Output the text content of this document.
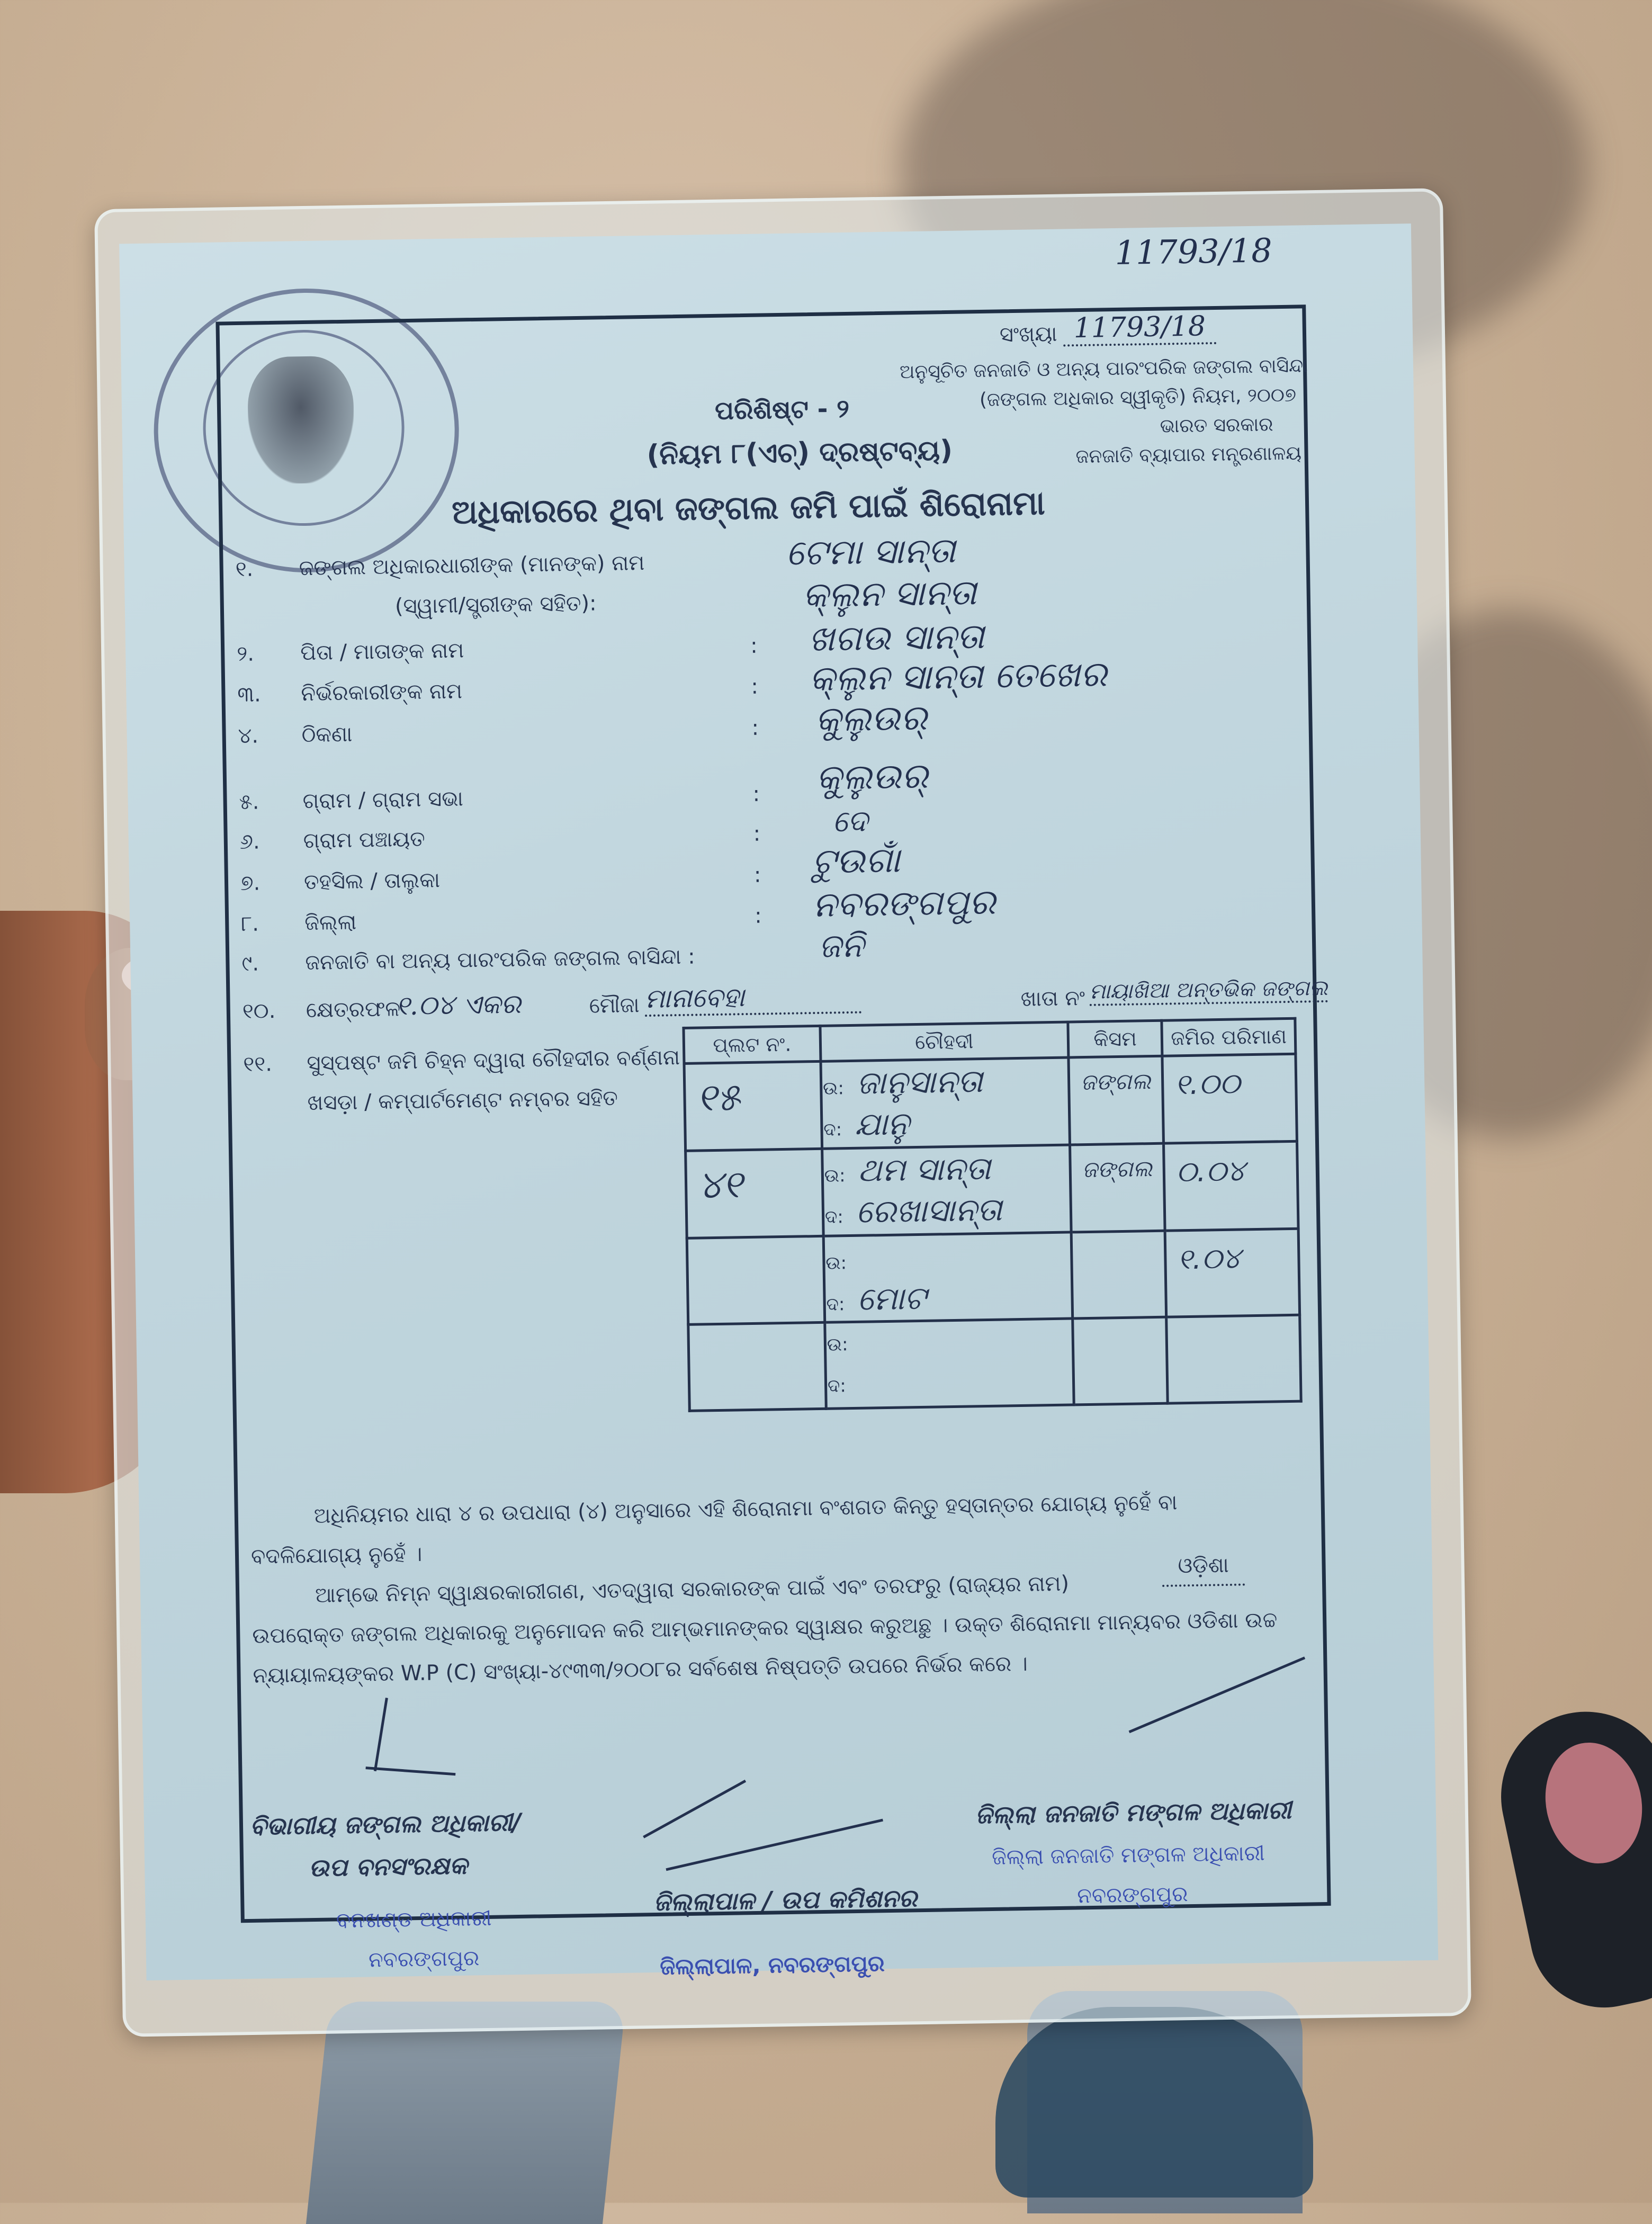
11793/18
ସଂଖ୍ୟା 11793/18
ଅନୁସୂଚିତ ଜନଜାତି ଓ ଅନ୍ୟ ପାରଂପରିକ ଜଙ୍ଗଲ ବାସିନ୍ଦା
(ଜଙ୍ଗଲ ଅଧିକାର ସ୍ୱୀକୃତି) ନିୟମ, ୨୦୦୭
ଭାରତ ସରକାର
ଜନଜାତି ବ୍ୟାପାର ମନ୍ତ୍ରଣାଳୟ
ପରିଶିଷ୍ଟ - ୨
(ନିୟମ ୮(ଏଚ୍) ଦ୍ରଷ୍ଟବ୍ୟ)
ଅଧିକାରରେ ଥିବା ଜଙ୍ଗଲ ଜମି ପାଇଁ ଶିରୋନାମା
୧. ଜଙ୍ଗଲ ଅଧିକାରଧାରୀଙ୍କ (ମାନଙ୍କ) ନାମ
(ସ୍ୱାମୀ/ସ୍ତ୍ରୀଙ୍କ ସହିତ):
ଟେମା ସାନ୍ତା
କ୍ଲୁନ ସାନ୍ତା
୨. ପିତା / ମାତାଙ୍କ ନାମ	: ଖଗଉ ସାନ୍ତା
୩. ନିର୍ଭରକାରୀଙ୍କ ନାମ	: କ୍ଲୁନ ସାନ୍ତା ତେଖେର
୪. ଠିକଣା	: କୁଲୁଉର୍
୫. ଗ୍ରାମ / ଗ୍ରାମ ସଭା	: କୁଲୁଉର୍
୬. ଗ୍ରାମ ପଞ୍ଚାୟତ	: ଦେ
୭. ତହସିଲ / ତାଲୁକା	: ଟୁଉଗାଁ
୮. ଜିଲ୍ଲା	: ନବରଙ୍ଗପୁର
୯. ଜନଜାତି ବା ଅନ୍ୟ ପାରଂପରିକ ଜଙ୍ଗଲ ବାସିନ୍ଦା :	ଜନି
୧୦. କ୍ଷେତ୍ରଫଳ
୧.୦୪ ଏକର	ମୌଜା ମାନାବେହା	ଖାତା ନଂ ମାୟାଖିଆ ଅନ୍ତଭିକ ଜଙ୍ଗଲ
୧୧. ସୁସ୍ପଷ୍ଟ ଜମି ଚିହ୍ନ ଦ୍ୱାରା ଚୌହଦୀର ବର୍ଣ୍ଣନା
ଖସଡ଼ା / କମ୍ପାର୍ଟମେଣ୍ଟ ନମ୍ବର ସହିତ
ପ୍ଲଟ ନଂ.	ଚୌହଦୀ	କିସମ	ଜମିର ପରିମାଣ
୧୫	ଉ: ଜାନୁସାନ୍ତା
ଦ: ଯାନୁ	ଜଙ୍ଗଲ	୧.୦୦
୪୧	ଉ: ଥମ ସାନ୍ତା
ଦ: ରେଖାସାନ୍ତା	ଜଙ୍ଗଲ	୦.୦୪

	ଉ:
ଦ: ମୋଟ		୧.୦୪

	ଉ:
ଦ:		

ଅଧିନିୟମର ଧାରା ୪ ର ଉପଧାରା (୪) ଅନୁସାରେ ଏହି ଶିରୋନାମା ବଂଶଗତ କିନ୍ତୁ ହସ୍ତାନ୍ତର ଯୋଗ୍ୟ ନୁହେଁ ବା
ବଦଳିଯୋଗ୍ୟ ନୁହେଁ ।
ଆମ୍ଭେ ନିମ୍ନ ସ୍ୱାକ୍ଷରକାରୀଗଣ, ଏତଦ୍ୱାରା ସରକାରଙ୍କ ପାଇଁ ଏବଂ ତରଫରୁ (ରାଜ୍ୟର ନାମ)
ଓଡ଼ିଶା
ଉପରୋକ୍ତ ଜଙ୍ଗଲ ଅଧିକାରକୁ ଅନୁମୋଦନ କରି ଆମ୍ଭମାନଙ୍କର ସ୍ୱାକ୍ଷର କରୁଅଛୁ । ଉକ୍ତ ଶିରୋନାମା ମାନ୍ୟବର ଓଡିଶା ଉଚ୍ଚ
ନ୍ୟାୟାଳୟଙ୍କର W.P (C) ସଂଖ୍ୟା-୪୯୩୩/୨୦୦୮ର ସର୍ବଶେଷ ନିଷ୍ପତ୍ତି ଉପରେ ନିର୍ଭର କରେ ।
ବିଭାଗୀୟ ଜଙ୍ଗଲ ଅଧିକାରୀ/
ଉପ ବନସଂରକ୍ଷକ
ବନଖଣ୍ଡ ଅଧିକାରୀ
ନବରଙ୍ଗପୁର
ଜିଲ୍ଲାପାଳ / ଉପ କମିଶନର
ଜିଲ୍ଲାପାଳ, ନବରଙ୍ଗପୁର
ଜିଲ୍ଲା ଜନଜାତି ମଙ୍ଗଳ ଅଧିକାରୀ
ଜିଲ୍ଲା ଜନଜାତି ମଙ୍ଗଳ ଅଧିକାରୀ
ନବରଙ୍ଗପୁର
